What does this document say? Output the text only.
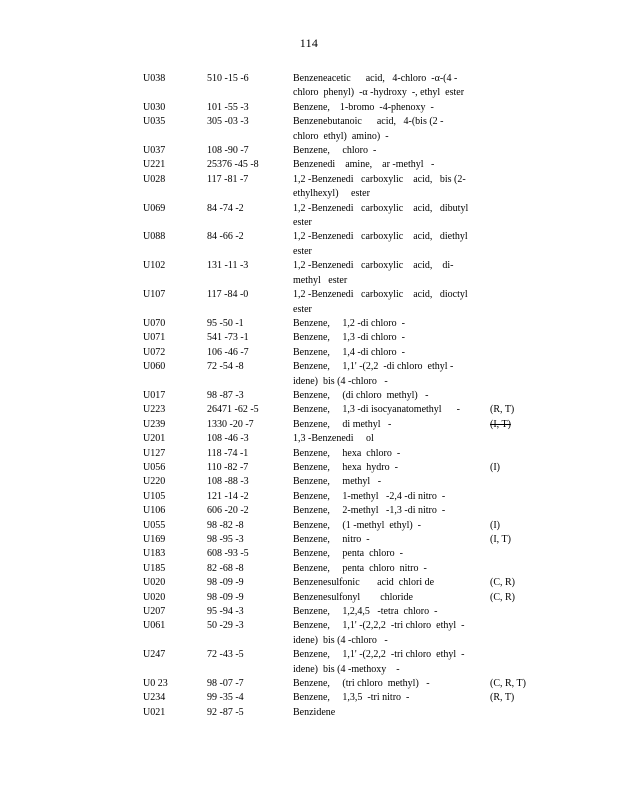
114
U038	510 -15 -6	Benzeneacetic      acid,   4-chloro  -α-(4 -
chloro  phenyl)  -α -hydroxy  -, ethyl  ester
U030	101 -55 -3	Benzene,    1-bromo  -4-phenoxy  -
U035	305 -03 -3	Benzenebutanoic      acid,   4-(bis (2 -
chloro  ethyl)  amino)  -
U037	108 -90 -7	Benzene,     chloro  -
U221	25376 -45 -8	Benzenedi    amine,    ar -methyl   -
U028	117 -81 -7	1,2 -Benzenedi   carboxylic    acid,   bis (2-
ethylhexyl)     ester
U069	84 -74 -2	1,2 -Benzenedi   carboxylic    acid,   dibutyl
ester
U088	84 -66 -2	1,2 -Benzenedi   carboxylic    acid,   diethyl
ester
U102	131 -11 -3	1,2 -Benzenedi   carboxylic    acid,    di-
methyl   ester
U107	117 -84 -0	1,2 -Benzenedi   carboxylic    acid,   dioctyl
ester
U070	95 -50 -1	Benzene,     1,2 -di chloro  -
U071	541 -73 -1	Benzene,     1,3 -di chloro  -
U072	106 -46 -7	Benzene,     1,4 -di chloro  -
U060	72 -54 -8	Benzene,     1,1' -(2,2  -di chloro  ethyl -
idene)  bis (4 -chloro   -
U017	98 -87 -3	Benzene,     (di chloro  methyl)   -
U223	26471 -62 -5	Benzene,     1,3 -di isocyanatomethyl      -	(R, T)
U239	1330 -20 -7	Benzene,     di methyl   -	(I, T)
U201	108 -46 -3	1,3 -Benzenedi     ol
U127	118 -74 -1	Benzene,     hexa  chloro  -
U056	110 -82 -7	Benzene,     hexa  hydro  -	(I)
U220	108 -88 -3	Benzene,     methyl   -
U105	121 -14 -2	Benzene,     1-methyl   -2,4 -di nitro  -
U106	606 -20 -2	Benzene,     2-methyl   -1,3 -di nitro  -
U055	98 -82 -8	Benzene,     (1 -methyl  ethyl)  -	(I)
U169	98 -95 -3	Benzene,     nitro  -	(I, T)
U183	608 -93 -5	Benzene,     penta  chloro  -
U185	82 -68 -8	Benzene,     penta  chloro  nitro  -
U020	98 -09 -9	Benzenesulfonic       acid  chlori de	(C, R)
U020	98 -09 -9	Benzenesulfonyl        chloride	(C, R)
U207	95 -94 -3	Benzene,     1,2,4,5   -tetra  chloro  -
U061	50 -29 -3	Benzene,     1,1' -(2,2,2  -tri chloro  ethyl  -
idene)  bis (4 -chloro   -
U247	72 -43 -5	Benzene,     1,1' -(2,2,2  -tri chloro  ethyl  -
idene)  bis (4 -methoxy    -
U0 23	98 -07 -7	Benzene,     (tri chloro  methyl)   -	(C, R, T)
U234	99 -35 -4	Benzene,     1,3,5  -tri nitro  -	(R, T)
U021	92 -87 -5	Benzidene
